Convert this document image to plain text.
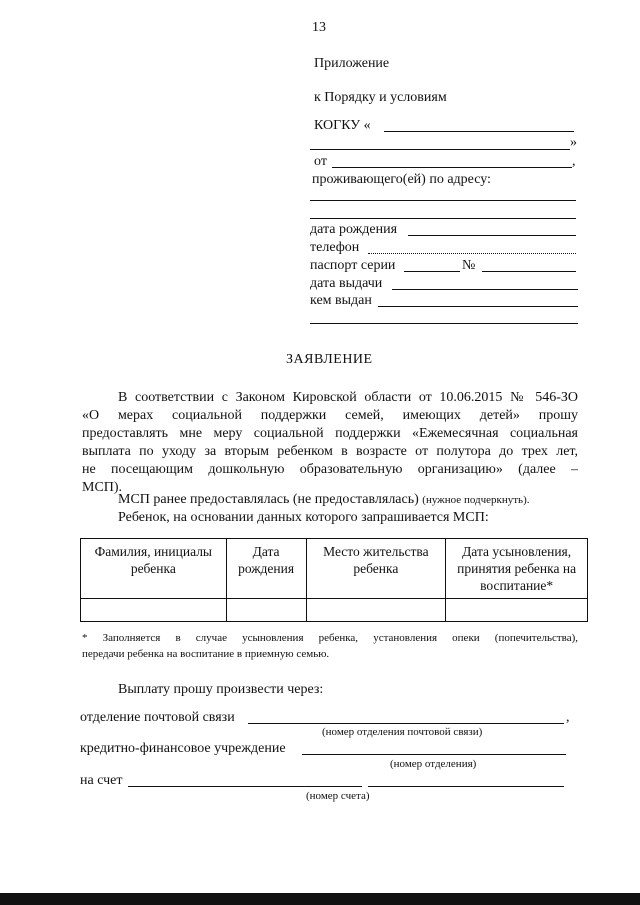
13
Приложение
к Порядку и условиям
КОГКУ «
»
от	,
проживающего(ей) по адресу:
дата рождения
телефон
паспорт серии	№
дата выдачи
кем выдан
ЗАЯВЛЕНИЕ
В соответствии с Законом Кировской области от 10.06.2015 № 546-ЗО
«О мерах социальной поддержки семей, имеющих детей» прошу
предоставлять мне меру социальной поддержки «Ежемесячная социальная
выплата по уходу за вторым ребенком в возрасте от полутора до трех лет,
не посещающим дошкольную образовательную организацию» (далее –
МСП).
МСП ранее предоставлялась (не предоставлялась) (нужное подчеркнуть).
Ребенок, на основании данных которого запрашивается МСП:
Фамилия, инициалы ребенка	Дата рождения	Место жительства ребенка	Дата усыновления, принятия ребенка на воспитание*

* Заполняется в случае усыновления ребенка, установления опеки (попечительства),
передачи ребенка на воспитание в приемную семью.
Выплату прошу произвести через:
отделение почтовой связи	,
(номер отделения почтовой связи)
кредитно-финансовое учреждение
(номер отделения)
на счет
(номер счета)
